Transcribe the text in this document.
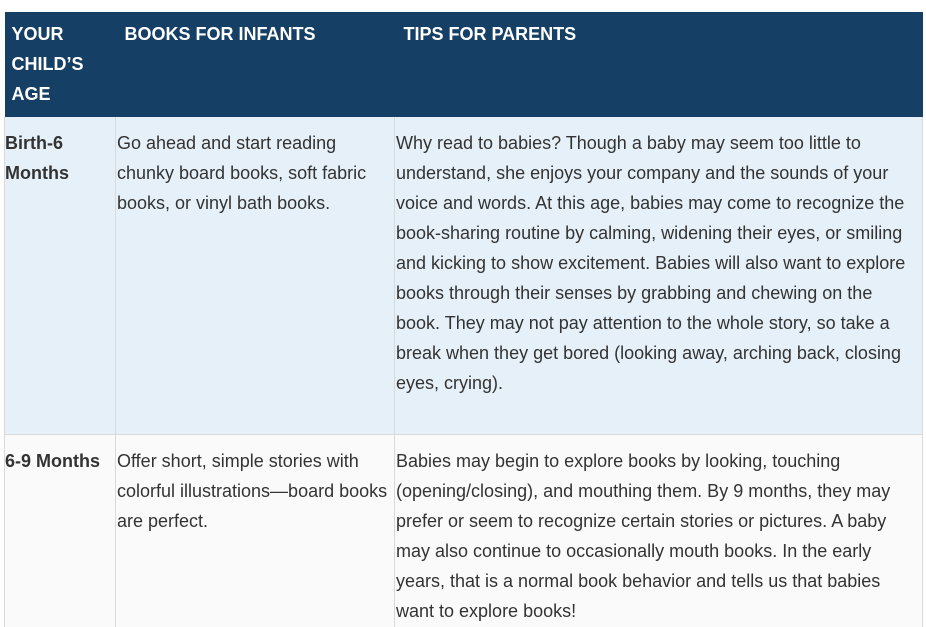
YOUR CHILD’S AGE	BOOKS FOR INFANTS	TIPS FOR PARENTS
Birth-6 Months	Go ahead and start reading chunky board books, soft fabric books, or vinyl bath books.	Why read to babies? Though a baby may seem too little to understand, she enjoys your company and the sounds of your voice and words. At this age, babies may come to recognize the book-sharing routine by calming, widening their eyes, or smiling and kicking to show excitement. Babies will also want to explore books through their senses by grabbing and chewing on the book. They may not pay attention to the whole story, so take a break when they get bored (looking away, arching back, closing eyes, crying).
6-9 Months	Offer short, simple stories with colorful illustrations—board books are perfect.	Babies may begin to explore books by looking, touching (opening/closing), and mouthing them. By 9 months, they may prefer or seem to recognize certain stories or pictures. A baby may also continue to occasionally mouth books. In the early years, that is a normal book behavior and tells us that babies want to explore books!
